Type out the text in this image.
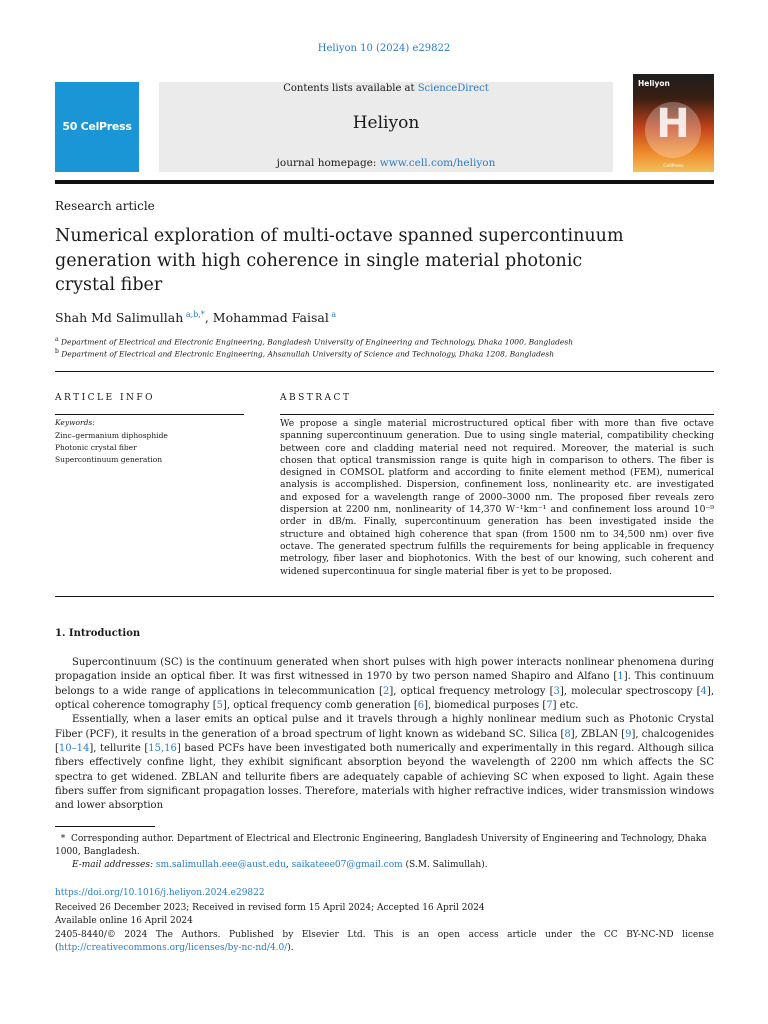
Heliyon 10 (2024) e29822
50 CelPress
Contents lists available at ScienceDirect
Heliyon
journal homepage: www.cell.com/heliyon
Heliyon
H
CellPress
Research article
Numerical exploration of multi-octave spanned supercontinuum generation with high coherence in single material photonic crystal fiber
Shah Md Salimullah $^{a,b,*}$, Mohammad Faisal $^a$
$^a$ Department of Electrical and Electronic Engineering, Bangladesh University of Engineering and Technology, Dhaka 1000, Bangladesh
$^b$ Department of Electrical and Electronic Engineering, Ahsanullah University of Science and Technology, Dhaka 1208, Bangladesh
ARTICLE INFO
Keywords:
Zinc–germanium diphosphide
Photonic crystal fiber
Supercontinuum generation
ABSTRACT
We propose a single material microstructured optical fiber with more than five octave spanning supercontinuum generation. Due to using single material, compatibility checking between core and cladding material need not required. Moreover, the material is such chosen that optical transmission range is quite high in comparison to others. The fiber is designed in COMSOL platform and according to finite element method (FEM), numerical analysis is accomplished. Dispersion, confinement loss, nonlinearity etc. are investigated and exposed for a wavelength range of 2000–3000 nm. The proposed fiber reveals zero dispersion at 2200 nm, nonlinearity of 14,370 W⁻¹km⁻¹ and confinement loss around 10⁻⁹ order in dB/m. Finally, supercontinuum generation has been investigated inside the structure and obtained high coherence that span (from 1500 nm to 34,500 nm) over five octave. The generated spectrum fulfills the requirements for being applicable in frequency metrology, fiber laser and biophotonics. With the best of our knowing, such coherent and widened supercontinuua for single material fiber is yet to be proposed.
1. Introduction

Supercontinuum (SC) is the continuum generated when short pulses with high power interacts nonlinear phenomena during propagation inside an optical fiber. It was first witnessed in 1970 by two person named Shapiro and Alfano [1]. This continuum belongs to a wide range of applications in telecommunication [2], optical frequency metrology [3], molecular spectroscopy [4], optical coherence tomography [5], optical frequency comb generation [6], biomedical purposes [7] etc.

Essentially, when a laser emits an optical pulse and it travels through a highly nonlinear medium such as Photonic Crystal Fiber (PCF), it results in the generation of a broad spectrum of light known as wideband SC. Silica [8], ZBLAN [9], chalcogenides [10–14], tellurite [15,16] based PCFs have been investigated both numerically and experimentally in this regard. Although silica fibers effectively confine light, they exhibit significant absorption beyond the wavelength of 2200 nm which affects the SC spectra to get widened. ZBLAN and tellurite fibers are adequately capable of achieving SC when exposed to light. Again these fibers suffer from significant propagation losses. Therefore, materials with higher refractive indices, wider transmission windows and lower absorption

* Corresponding author. Department of Electrical and Electronic Engineering, Bangladesh University of Engineering and Technology, Dhaka 1000, Bangladesh.
E-mail addresses: sm.salimullah.eee@aust.edu, saikateee07@gmail.com (S.M. Salimullah).
https://doi.org/10.1016/j.heliyon.2024.e29822
Received 26 December 2023; Received in revised form 15 April 2024; Accepted 16 April 2024
Available online 16 April 2024
2405-8440/© 2024 The Authors. Published by Elsevier Ltd. This is an open access article under the CC BY-NC-ND license (http://creativecommons.org/licenses/by-nc-nd/4.0/).
